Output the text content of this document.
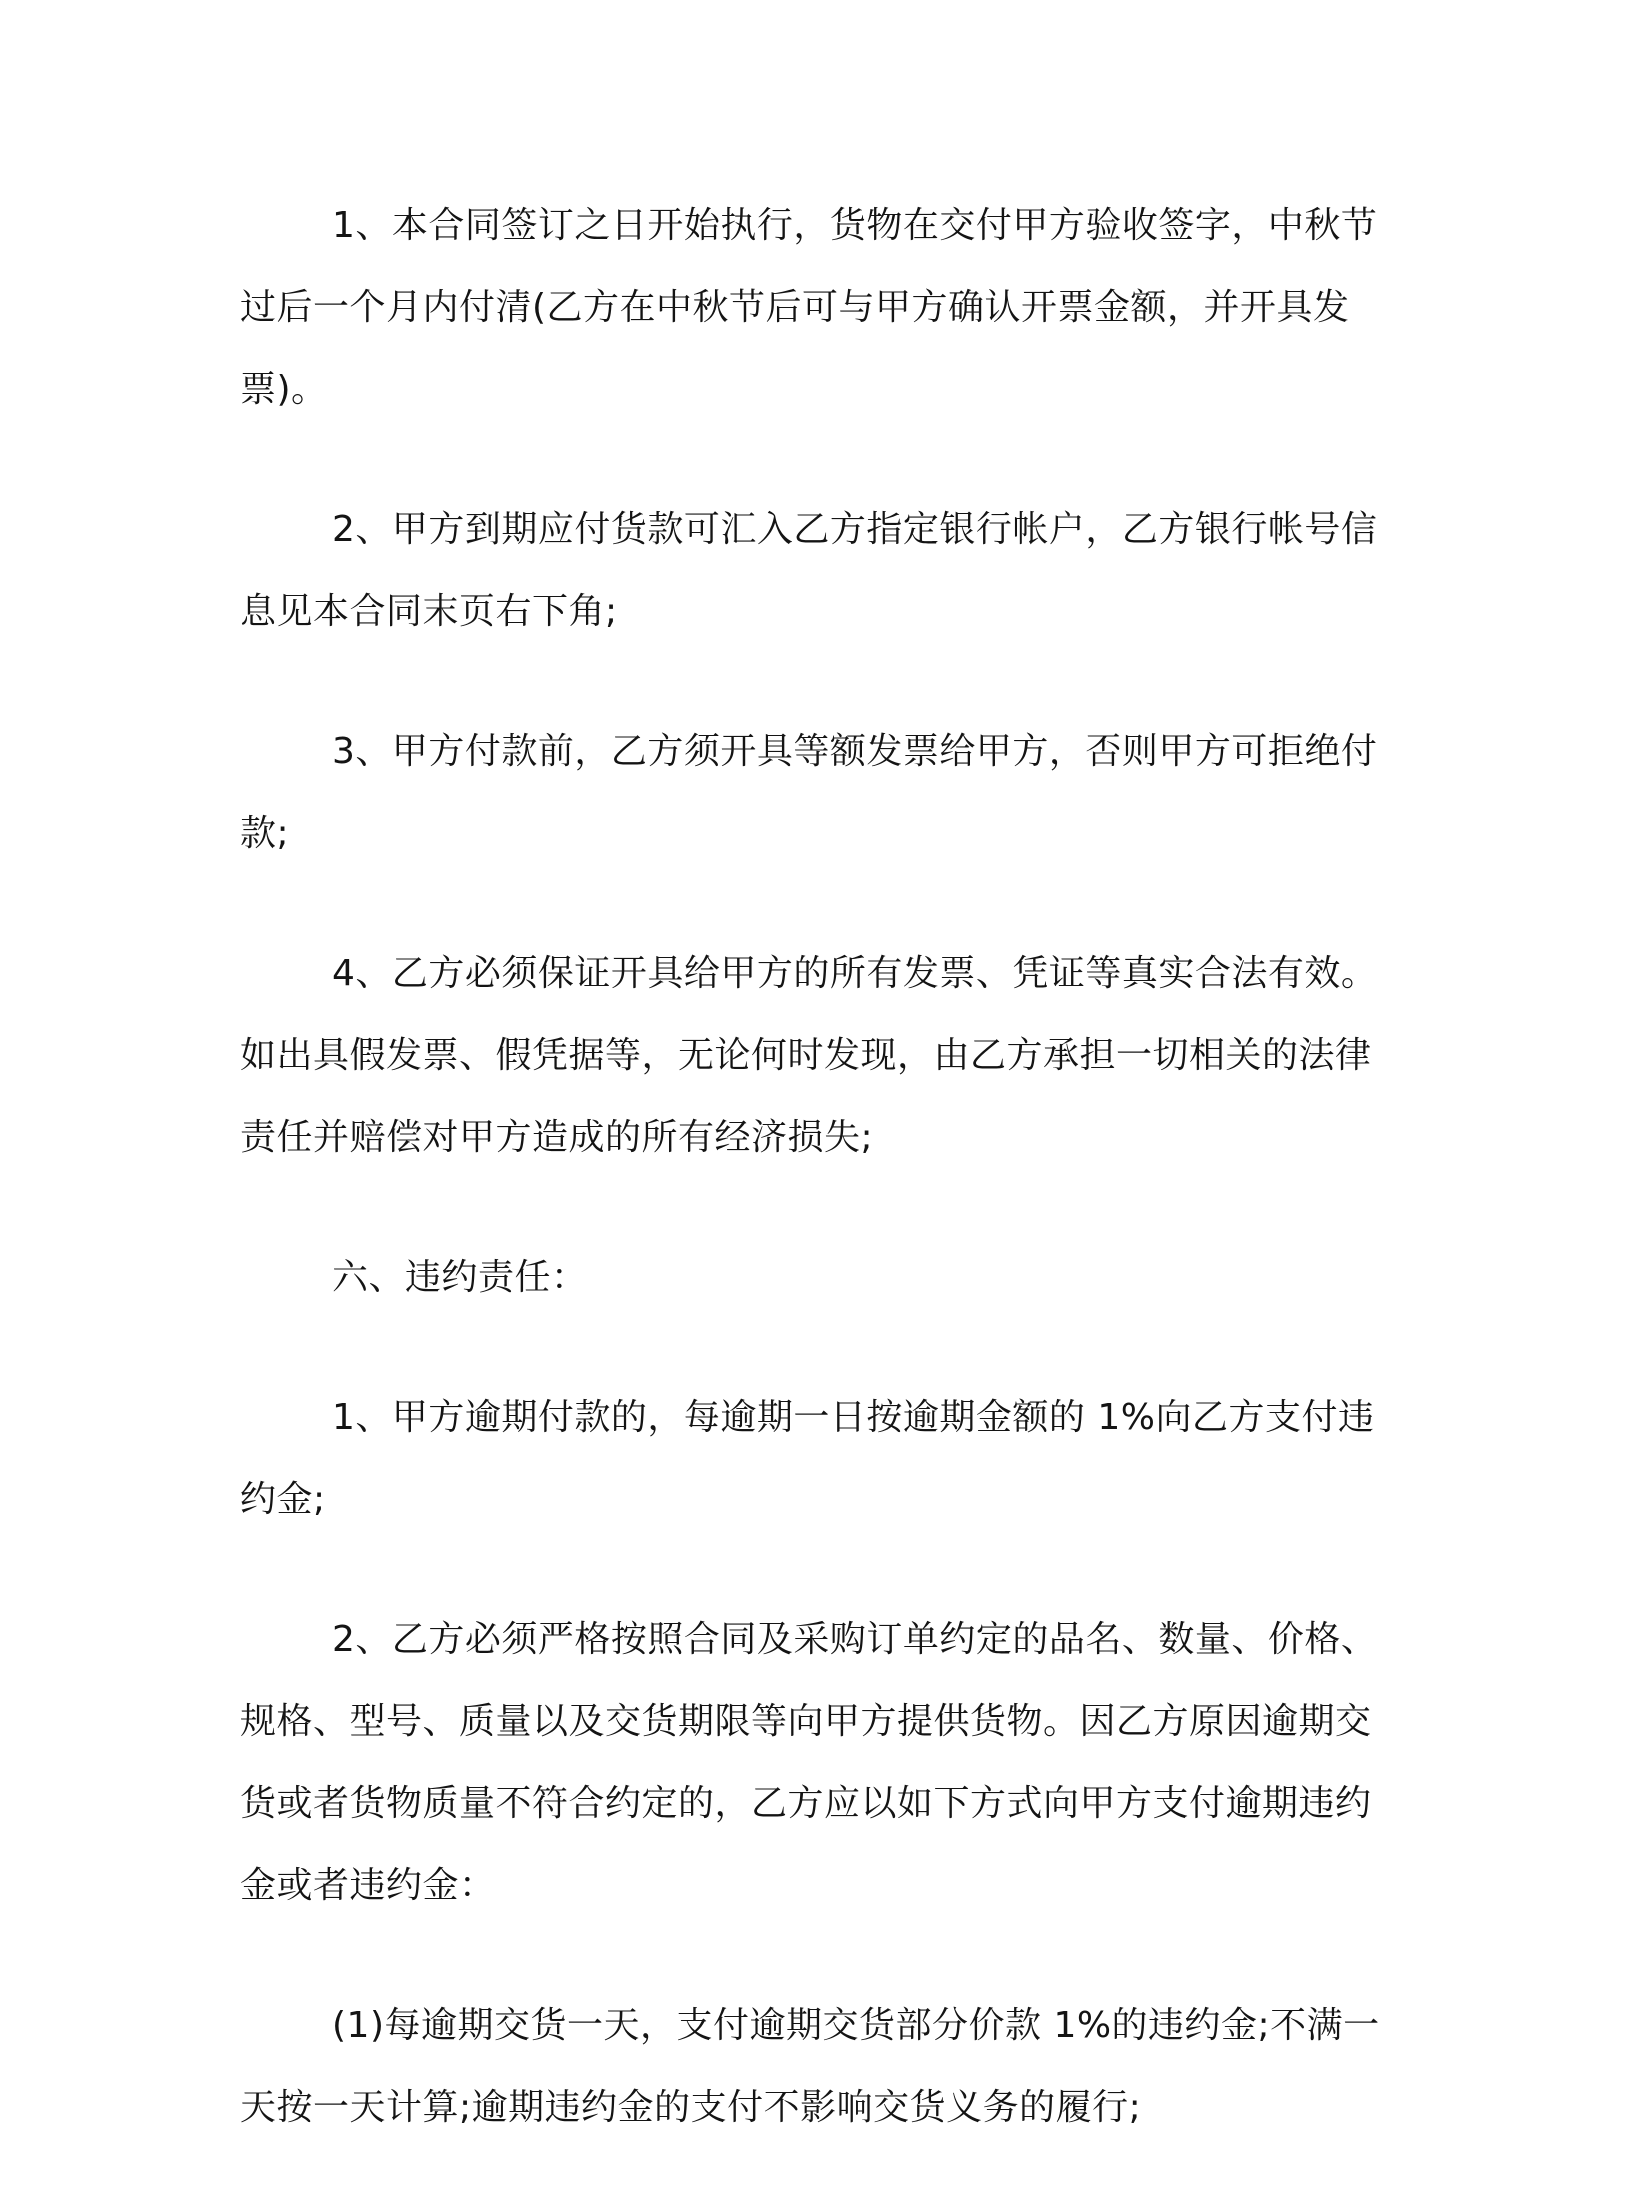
1、本合同签订之日开始执行，货物在交付甲方验收签字，中秋节过后一个月内付清(乙方在中秋节后可与甲方确认开票金额，并开具发票)。

2、甲方到期应付货款可汇入乙方指定银行帐户，乙方银行帐号信息见本合同末页右下角;

3、甲方付款前，乙方须开具等额发票给甲方，否则甲方可拒绝付款;

4、乙方必须保证开具给甲方的所有发票、凭证等真实合法有效。如出具假发票、假凭据等，无论何时发现，由乙方承担一切相关的法律责任并赔偿对甲方造成的所有经济损失;

六、违约责任：

1、甲方逾期付款的，每逾期一日按逾期金额的 1%向乙方支付违约金;

2、乙方必须严格按照合同及采购订单约定的品名、数量、价格、规格、型号、质量以及交货期限等向甲方提供货物。因乙方原因逾期交货或者货物质量不符合约定的，乙方应以如下方式向甲方支付逾期违约金或者违约金：

(1)每逾期交货一天，支付逾期交货部分价款 1%的违约金;不满一天按一天计算;逾期违约金的支付不影响交货义务的履行;
